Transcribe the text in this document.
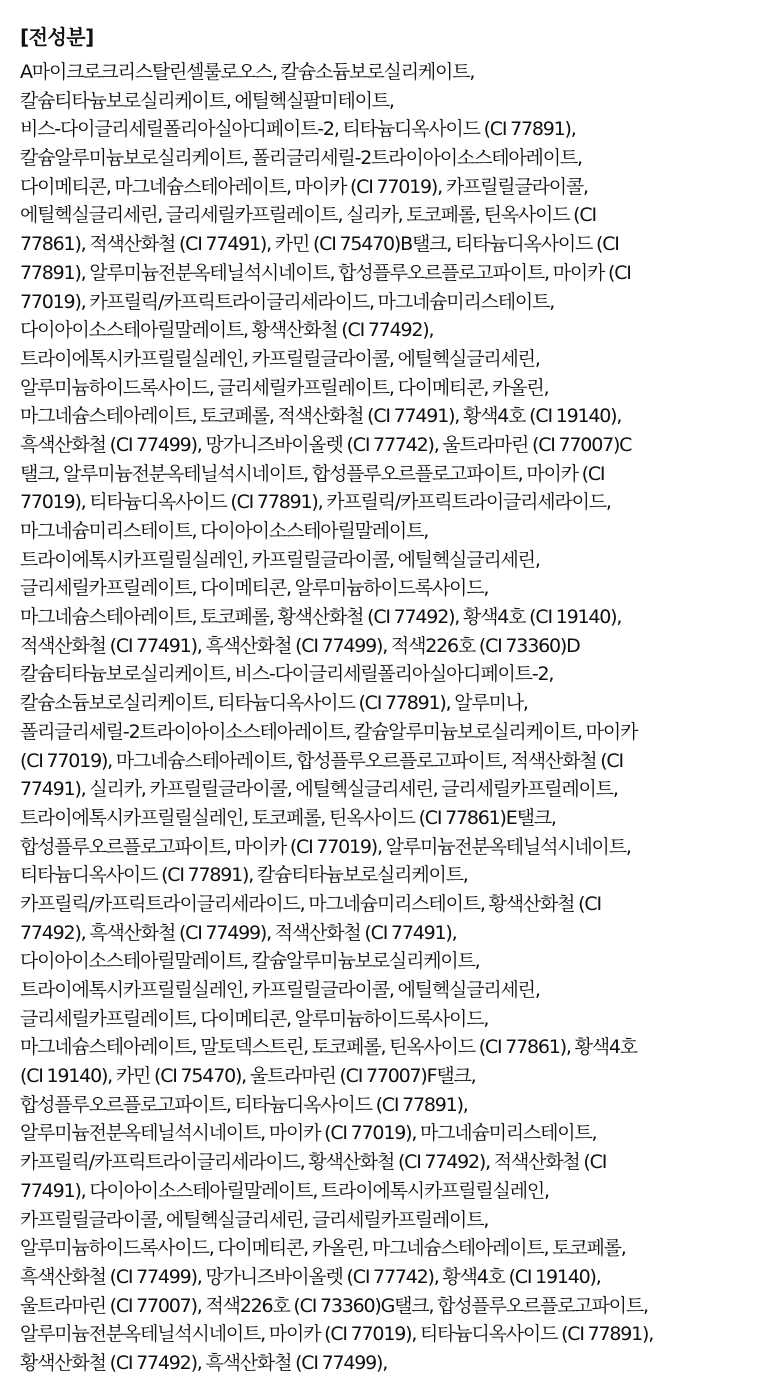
[전성분]
A마이크로크리스탈린셀룰로오스, 칼슘소듐보로실리케이트,
칼슘티타늄보로실리케이트, 에틸헥실팔미테이트,
비스-다이글리세릴폴리아실아디페이트-2, 티타늄디옥사이드 (CI 77891),
칼슘알루미늄보로실리케이트, 폴리글리세릴-2트라이아이소스테아레이트,
다이메티콘, 마그네슘스테아레이트, 마이카 (CI 77019), 카프릴릴글라이콜,
에틸헥실글리세린, 글리세릴카프릴레이트, 실리카, 토코페롤, 틴옥사이드 (CI
77861), 적색산화철 (CI 77491), 카민 (CI 75470)B탤크, 티타늄디옥사이드 (CI
77891), 알루미늄전분옥테닐석시네이트, 합성플루오르플로고파이트, 마이카 (CI
77019), 카프릴릭/카프릭트라이글리세라이드, 마그네슘미리스테이트,
다이아이소스테아릴말레이트, 황색산화철 (CI 77492),
트라이에톡시카프릴릴실레인, 카프릴릴글라이콜, 에틸헥실글리세린,
알루미늄하이드록사이드, 글리세릴카프릴레이트, 다이메티콘, 카올린,
마그네슘스테아레이트, 토코페롤, 적색산화철 (CI 77491), 황색4호 (CI 19140),
흑색산화철 (CI 77499), 망가니즈바이올렛 (CI 77742), 울트라마린 (CI 77007)C
탤크, 알루미늄전분옥테닐석시네이트, 합성플루오르플로고파이트, 마이카 (CI
77019), 티타늄디옥사이드 (CI 77891), 카프릴릭/카프릭트라이글리세라이드,
마그네슘미리스테이트, 다이아이소스테아릴말레이트,
트라이에톡시카프릴릴실레인, 카프릴릴글라이콜, 에틸헥실글리세린,
글리세릴카프릴레이트, 다이메티콘, 알루미늄하이드록사이드,
마그네슘스테아레이트, 토코페롤, 황색산화철 (CI 77492), 황색4호 (CI 19140),
적색산화철 (CI 77491), 흑색산화철 (CI 77499), 적색226호 (CI 73360)D
칼슘티타늄보로실리케이트, 비스-다이글리세릴폴리아실아디페이트-2,
칼슘소듐보로실리케이트, 티타늄디옥사이드 (CI 77891), 알루미나,
폴리글리세릴-2트라이아이소스테아레이트, 칼슘알루미늄보로실리케이트, 마이카
(CI 77019), 마그네슘스테아레이트, 합성플루오르플로고파이트, 적색산화철 (CI
77491), 실리카, 카프릴릴글라이콜, 에틸헥실글리세린, 글리세릴카프릴레이트,
트라이에톡시카프릴릴실레인, 토코페롤, 틴옥사이드 (CI 77861)E탤크,
합성플루오르플로고파이트, 마이카 (CI 77019), 알루미늄전분옥테닐석시네이트,
티타늄디옥사이드 (CI 77891), 칼슘티타늄보로실리케이트,
카프릴릭/카프릭트라이글리세라이드, 마그네슘미리스테이트, 황색산화철 (CI
77492), 흑색산화철 (CI 77499), 적색산화철 (CI 77491),
다이아이소스테아릴말레이트, 칼슘알루미늄보로실리케이트,
트라이에톡시카프릴릴실레인, 카프릴릴글라이콜, 에틸헥실글리세린,
글리세릴카프릴레이트, 다이메티콘, 알루미늄하이드록사이드,
마그네슘스테아레이트, 말토덱스트린, 토코페롤, 틴옥사이드 (CI 77861), 황색4호
(CI 19140), 카민 (CI 75470), 울트라마린 (CI 77007)F탤크,
합성플루오르플로고파이트, 티타늄디옥사이드 (CI 77891),
알루미늄전분옥테닐석시네이트, 마이카 (CI 77019), 마그네슘미리스테이트,
카프릴릭/카프릭트라이글리세라이드, 황색산화철 (CI 77492), 적색산화철 (CI
77491), 다이아이소스테아릴말레이트, 트라이에톡시카프릴릴실레인,
카프릴릴글라이콜, 에틸헥실글리세린, 글리세릴카프릴레이트,
알루미늄하이드록사이드, 다이메티콘, 카올린, 마그네슘스테아레이트, 토코페롤,
흑색산화철 (CI 77499), 망가니즈바이올렛 (CI 77742), 황색4호 (CI 19140),
울트라마린 (CI 77007), 적색226호 (CI 73360)G탤크, 합성플루오르플로고파이트,
알루미늄전분옥테닐석시네이트, 마이카 (CI 77019), 티타늄디옥사이드 (CI 77891),
황색산화철 (CI 77492), 흑색산화철 (CI 77499),
